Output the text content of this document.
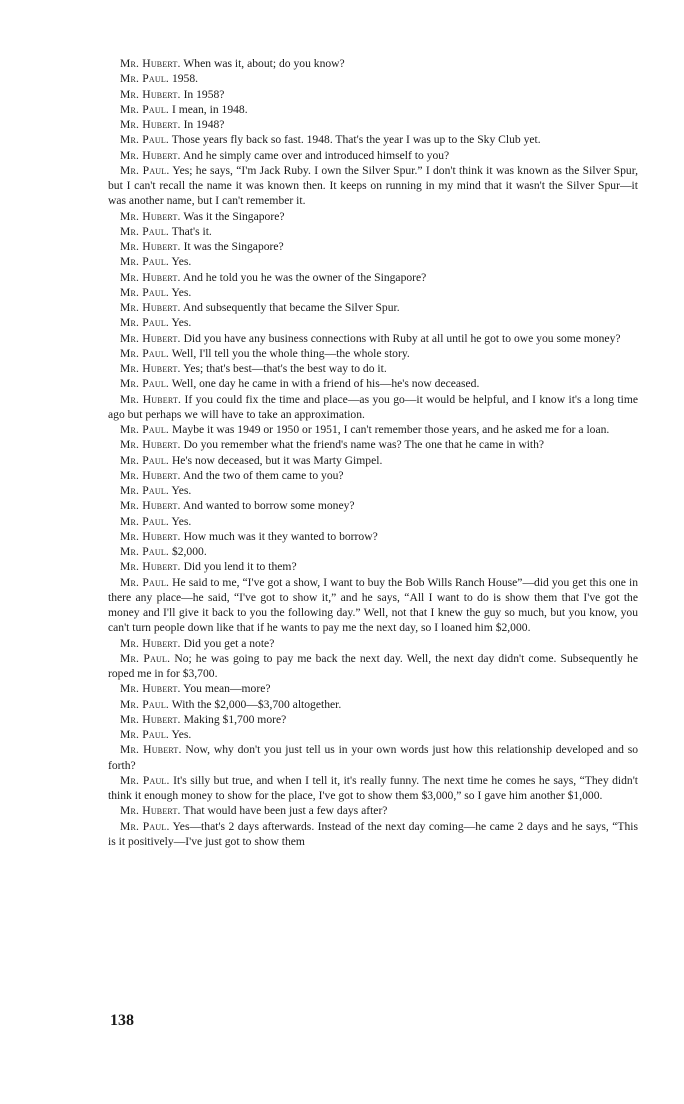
Mr. Hubert. When was it, about; do you know?

Mr. Paul. 1958.

Mr. Hubert. In 1958?

Mr. Paul. I mean, in 1948.

Mr. Hubert. In 1948?

Mr. Paul. Those years fly back so fast. 1948. That's the year I was up to the Sky Club yet.

Mr. Hubert. And he simply came over and introduced himself to you?

Mr. Paul. Yes; he says, “I'm Jack Ruby. I own the Silver Spur.” I don't think it was known as the Silver Spur, but I can't recall the name it was known then. It keeps on running in my mind that it wasn't the Silver Spur—it was another name, but I can't remember it.

Mr. Hubert. Was it the Singapore?

Mr. Paul. That's it.

Mr. Hubert. It was the Singapore?

Mr. Paul. Yes.

Mr. Hubert. And he told you he was the owner of the Singapore?

Mr. Paul. Yes.

Mr. Hubert. And subsequently that became the Silver Spur.

Mr. Paul. Yes.

Mr. Hubert. Did you have any business connections with Ruby at all until he got to owe you some money?

Mr. Paul. Well, I'll tell you the whole thing—the whole story.

Mr. Hubert. Yes; that's best—that's the best way to do it.

Mr. Paul. Well, one day he came in with a friend of his—he's now deceased.

Mr. Hubert. If you could fix the time and place—as you go—it would be helpful, and I know it's a long time ago but perhaps we will have to take an approximation.

Mr. Paul. Maybe it was 1949 or 1950 or 1951, I can't remember those years, and he asked me for a loan.

Mr. Hubert. Do you remember what the friend's name was? The one that he came in with?

Mr. Paul. He's now deceased, but it was Marty Gimpel.

Mr. Hubert. And the two of them came to you?

Mr. Paul. Yes.

Mr. Hubert. And wanted to borrow some money?

Mr. Paul. Yes.

Mr. Hubert. How much was it they wanted to borrow?

Mr. Paul. $2,000.

Mr. Hubert. Did you lend it to them?

Mr. Paul. He said to me, “I've got a show, I want to buy the Bob Wills Ranch House”—did you get this one in there any place—he said, “I've got to show it,” and he says, “All I want to do is show them that I've got the money and I'll give it back to you the following day.” Well, not that I knew the guy so much, but you know, you can't turn people down like that if he wants to pay me the next day, so I loaned him $2,000.

Mr. Hubert. Did you get a note?

Mr. Paul. No; he was going to pay me back the next day. Well, the next day didn't come. Subsequently he roped me in for $3,700.

Mr. Hubert. You mean—more?

Mr. Paul. With the $2,000—$3,700 altogether.

Mr. Hubert. Making $1,700 more?

Mr. Paul. Yes.

Mr. Hubert. Now, why don't you just tell us in your own words just how this relationship developed and so forth?

Mr. Paul. It's silly but true, and when I tell it, it's really funny. The next time he comes he says, “They didn't think it enough money to show for the place, I've got to show them $3,000,” so I gave him another $1,000.

Mr. Hubert. That would have been just a few days after?

Mr. Paul. Yes—that's 2 days afterwards. Instead of the next day coming—he came 2 days and he says, “This is it positively—I've just got to show them

138
